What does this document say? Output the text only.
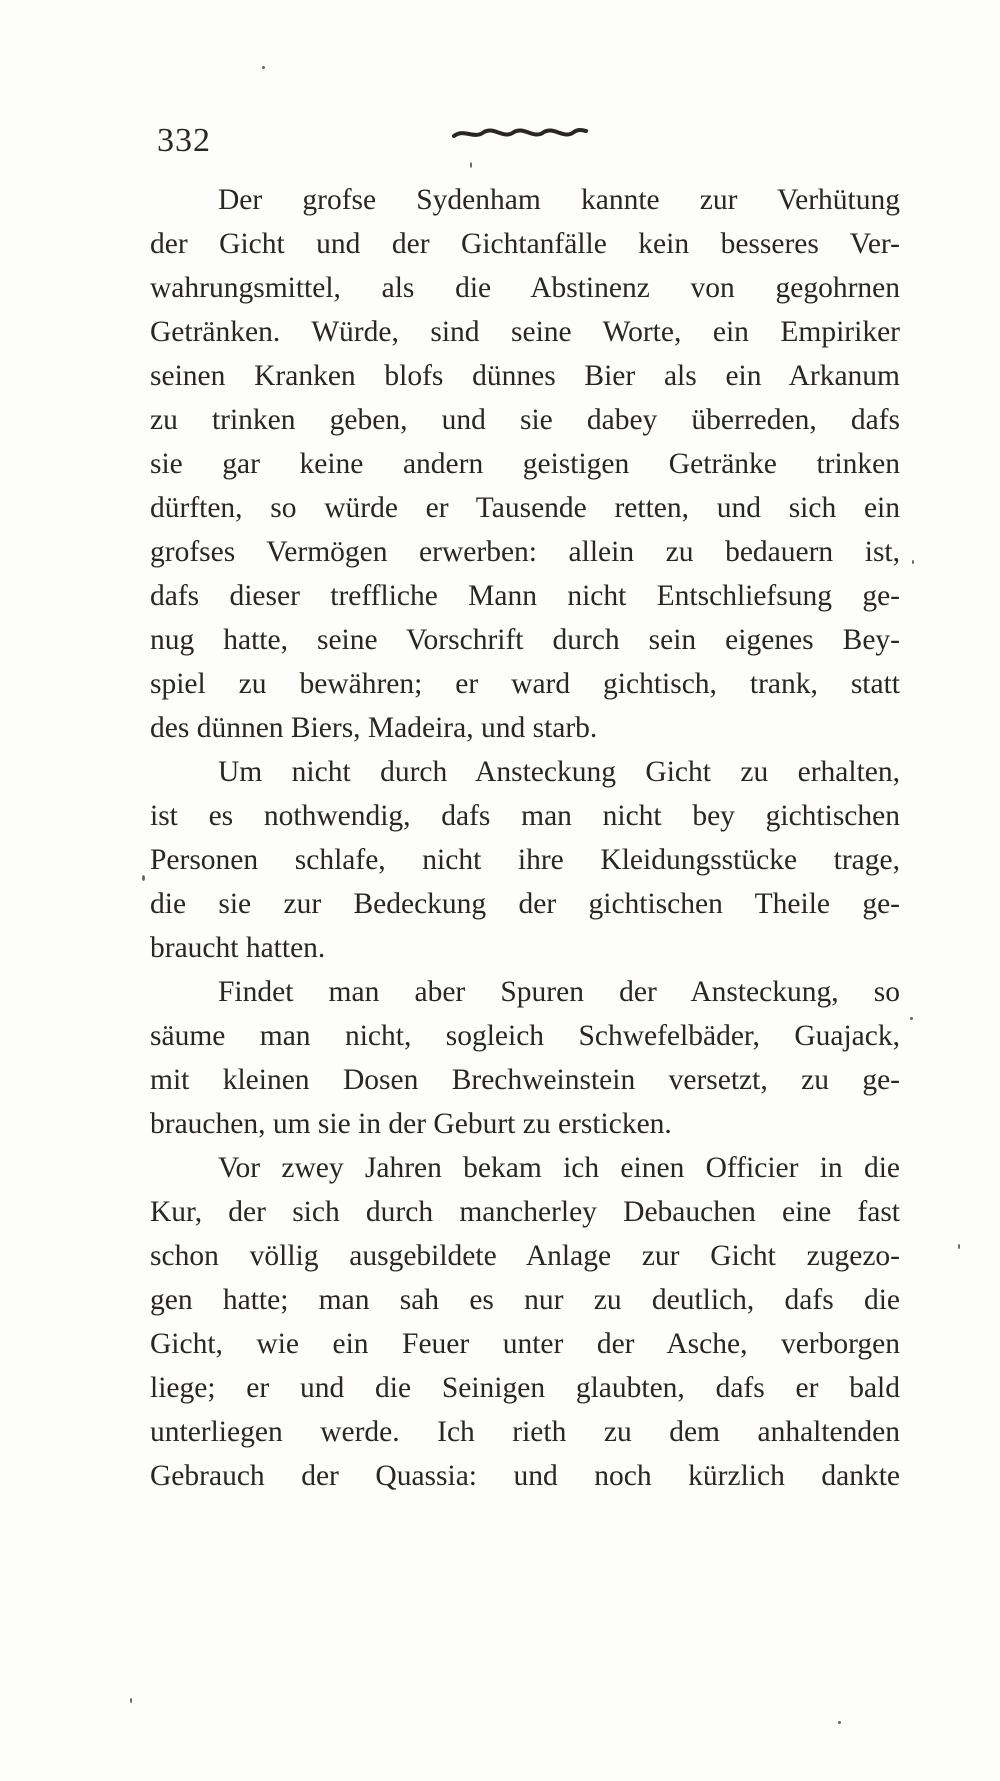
332
Der grofse Sydenham kannte zur Verhütung
der Gicht und der Gichtanfälle kein besseres Ver-
wahrungsmittel, als die Abstinenz von gegohrnen
Getränken. Würde, sind seine Worte, ein Empiriker
seinen Kranken blofs dünnes Bier als ein Arkanum
zu trinken geben, und sie dabey überreden, dafs
sie gar keine andern geistigen Getränke trinken
dürften, so würde er Tausende retten, und sich ein
grofses Vermögen erwerben: allein zu bedauern ist,
dafs dieser treffliche Mann nicht Entschliefsung ge-
nug hatte, seine Vorschrift durch sein eigenes Bey-
spiel zu bewähren; er ward gichtisch, trank, statt
des dünnen Biers, Madeira, und starb.
Um nicht durch Ansteckung Gicht zu erhalten,
ist es nothwendig, dafs man nicht bey gichtischen
Personen schlafe, nicht ihre Kleidungsstücke trage,
die sie zur Bedeckung der gichtischen Theile ge-
braucht hatten.
Findet man aber Spuren der Ansteckung, so
säume man nicht, sogleich Schwefelbäder, Guajack,
mit kleinen Dosen Brechweinstein versetzt, zu ge-
brauchen, um sie in der Geburt zu ersticken.
Vor zwey Jahren bekam ich einen Officier in die
Kur, der sich durch mancherley Debauchen eine fast
schon völlig ausgebildete Anlage zur Gicht zugezo-
gen hatte; man sah es nur zu deutlich, dafs die
Gicht, wie ein Feuer unter der Asche, verborgen
liege; er und die Seinigen glaubten, dafs er bald
unterliegen werde. Ich rieth zu dem anhaltenden
Gebrauch der Quassia: und noch kürzlich dankte
